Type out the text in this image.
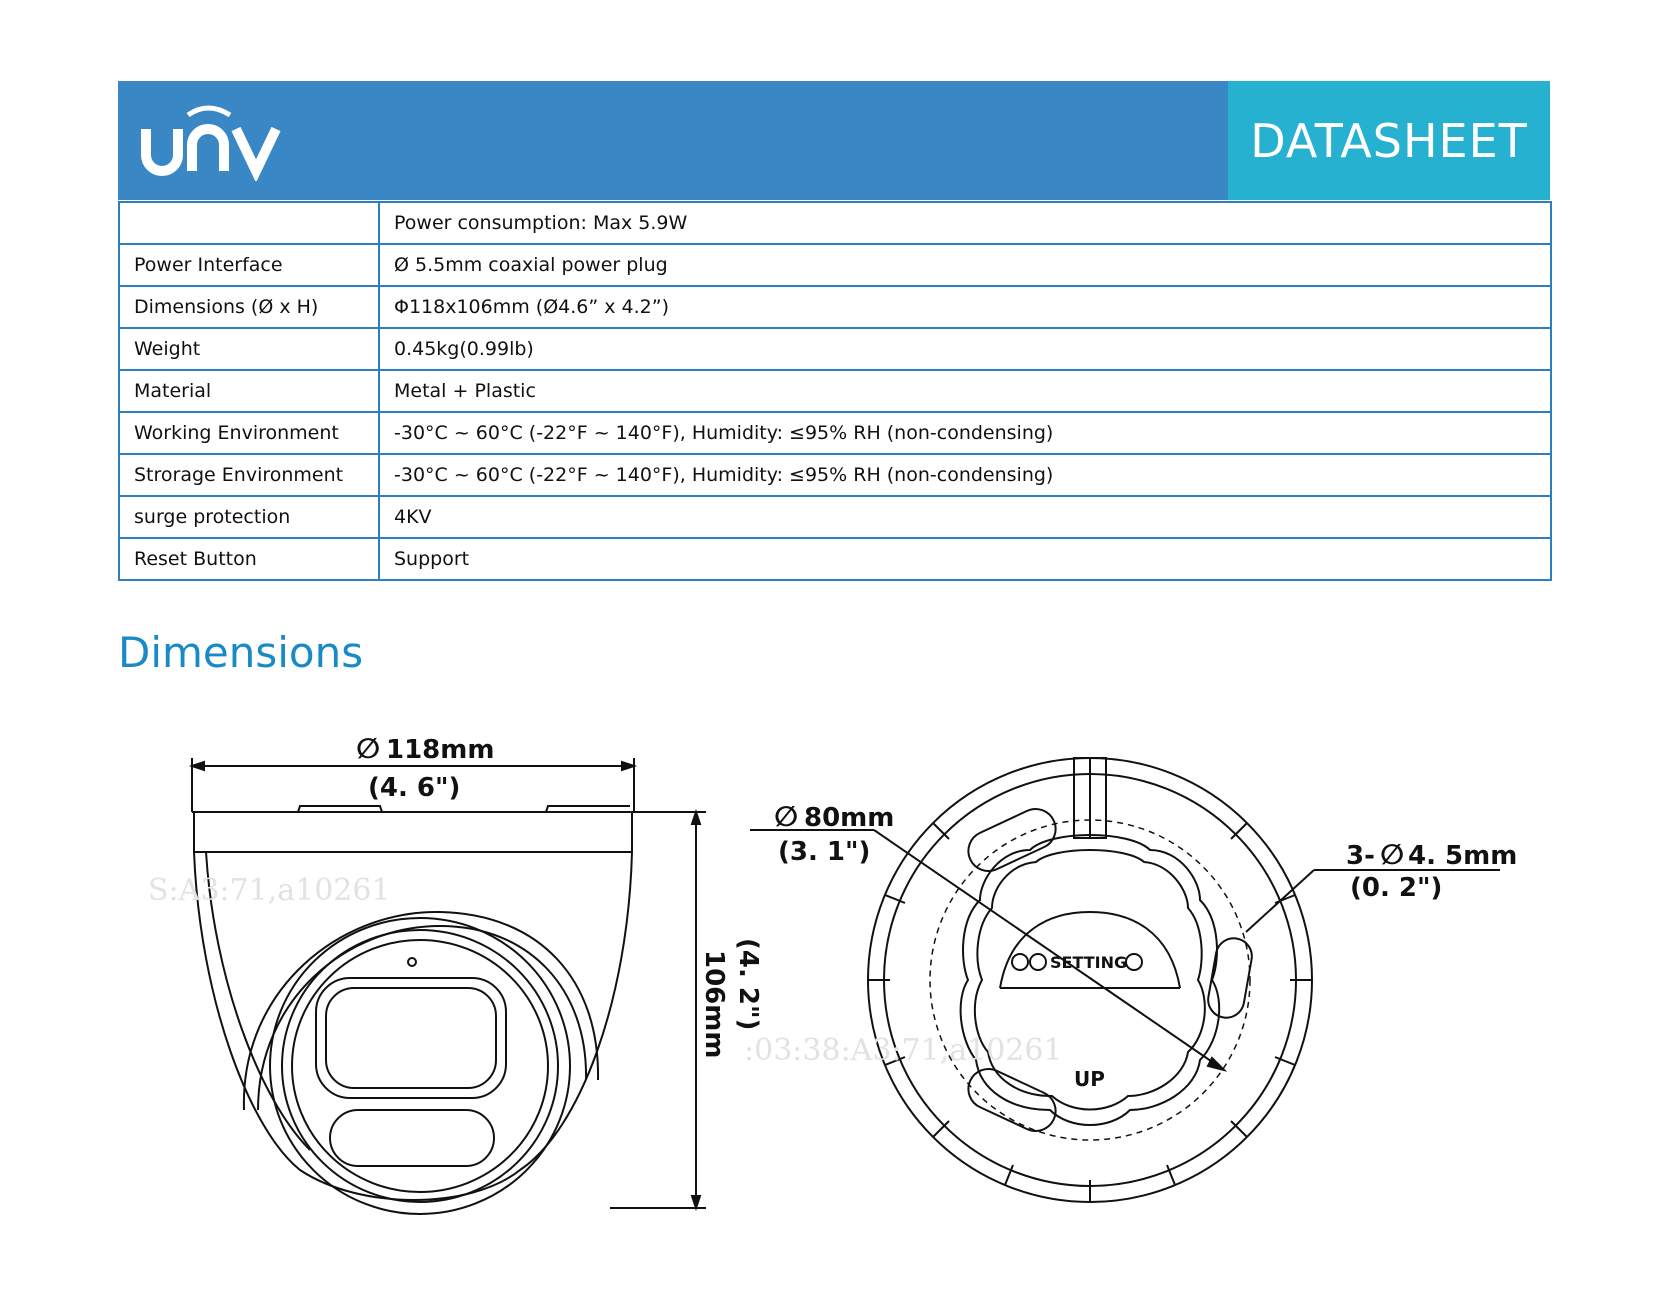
DATASHEET
	Power consumption: Max 5.9W
Power Interface	Ø 5.5mm coaxial power plug
Dimensions (Ø x H)	Φ118x106mm (Ø4.6” x 4.2”)
Weight	0.45kg(0.99lb)
Material	Metal + Plastic
Working Environment	-30°C ~ 60°C (-22°F ~ 140°F), Humidity: ≤95% RH (non-condensing)
Strorage Environment	-30°C ~ 60°C (-22°F ~ 140°F), Humidity: ≤95% RH (non-condensing)
surge protection	4KV
Reset Button	Support
Dimensions
∅ 118mm
(4. 6")
106mm (4. 2")
∅ 80mm
(3. 1")	3- ∅ 4. 5mm
(0. 2")
SETTING
UP
S:A3:71,a10261
:03:38:A3:71,a10261
